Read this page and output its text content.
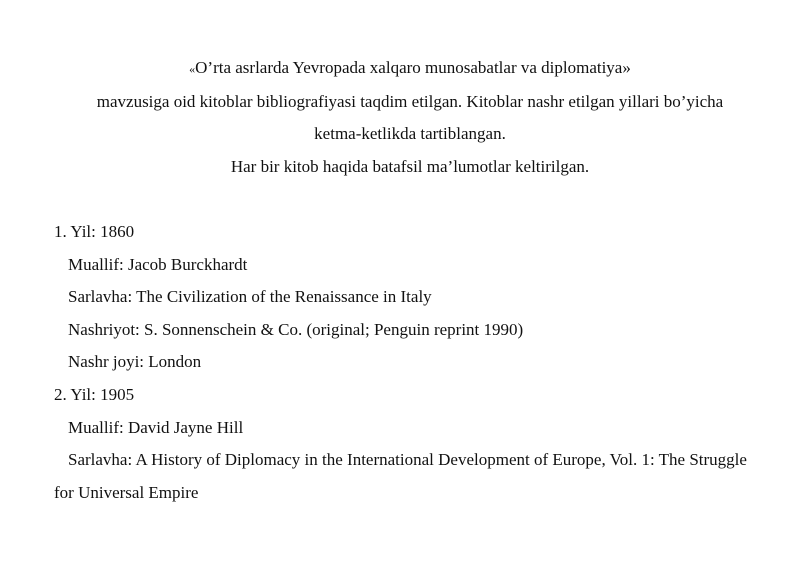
«O’rta asrlarda Yevropada xalqaro munosabatlar va diplomatiya»
mavzusiga oid kitoblar bibliografiyasi taqdim etilgan. Kitoblar nashr etilgan yillari bo’yicha
ketma-ketlikda tartiblangan.
Har bir kitob haqida batafsil ma’lumotlar keltirilgan.
1. Yil: 1860
Muallif: Jacob Burckhardt
Sarlavha: The Civilization of the Renaissance in Italy
Nashriyot: S. Sonnenschein & Co. (original; Penguin reprint 1990)
Nashr joyi: London
2. Yil: 1905
Muallif: David Jayne Hill
Sarlavha: A History of Diplomacy in the International Development of Europe, Vol. 1: The Struggle for Universal Empire
